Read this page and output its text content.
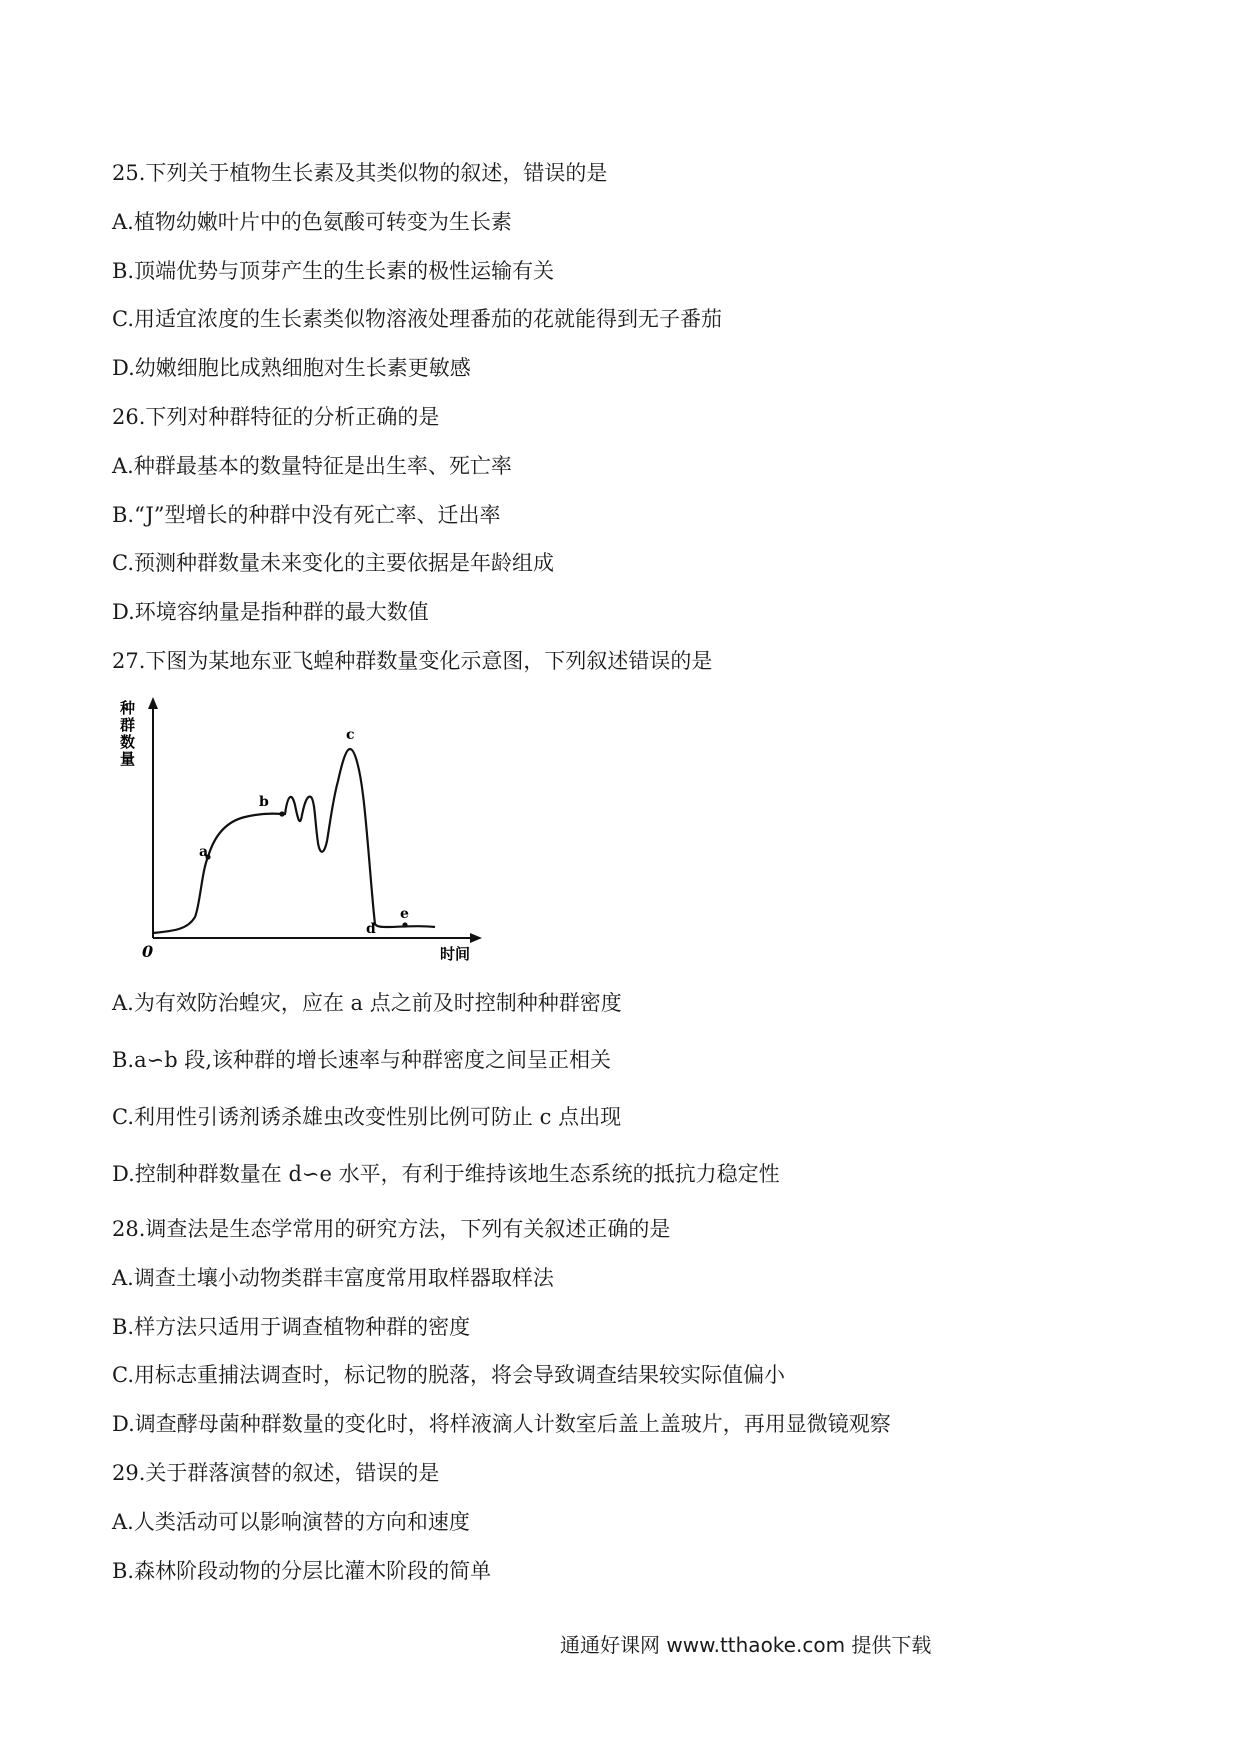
25.下列关于植物生长素及其类似物的叙述，错误的是
A.植物幼嫩叶片中的色氨酸可转变为生长素
B.顶端优势与顶芽产生的生长素的极性运输有关
C.用适宜浓度的生长素类似物溶液处理番茄的花就能得到无子番茄
D.幼嫩细胞比成熟细胞对生长素更敏感
26.下列对种群特征的分析正确的是
A.种群最基本的数量特征是出生率、死亡率
B.“J”型增长的种群中没有死亡率、迁出率
C.预测种群数量未来变化的主要依据是年龄组成
D.环境容纳量是指种群的最大数值
27.下图为某地东亚飞蝗种群数量变化示意图，下列叙述错误的是
a
b
c
d
e
种 群 数 量
0	时间
A.为有效防治蝗灾，应在 a 点之前及时控制种种群密度
B.a∽b 段,该种群的增长速率与种群密度之间呈正相关
C.利用性引诱剂诱杀雄虫改变性别比例可防止 c 点出现
D.控制种群数量在 d∽e 水平，有利于维持该地生态系统的抵抗力稳定性
28.调查法是生态学常用的研究方法，下列有关叙述正确的是
A.调查土壤小动物类群丰富度常用取样器取样法
B.样方法只适用于调查植物种群的密度
C.用标志重捕法调查时，标记物的脱落，将会导致调查结果较实际值偏小
D.调查酵母菌种群数量的变化时，将样液滴人计数室后盖上盖玻片，再用显微镜观察
29.关于群落演替的叙述，错误的是
A.人类活动可以影响演替的方向和速度
B.森林阶段动物的分层比灌木阶段的简单
通通好课网 www.tthaoke.com 提供下载
